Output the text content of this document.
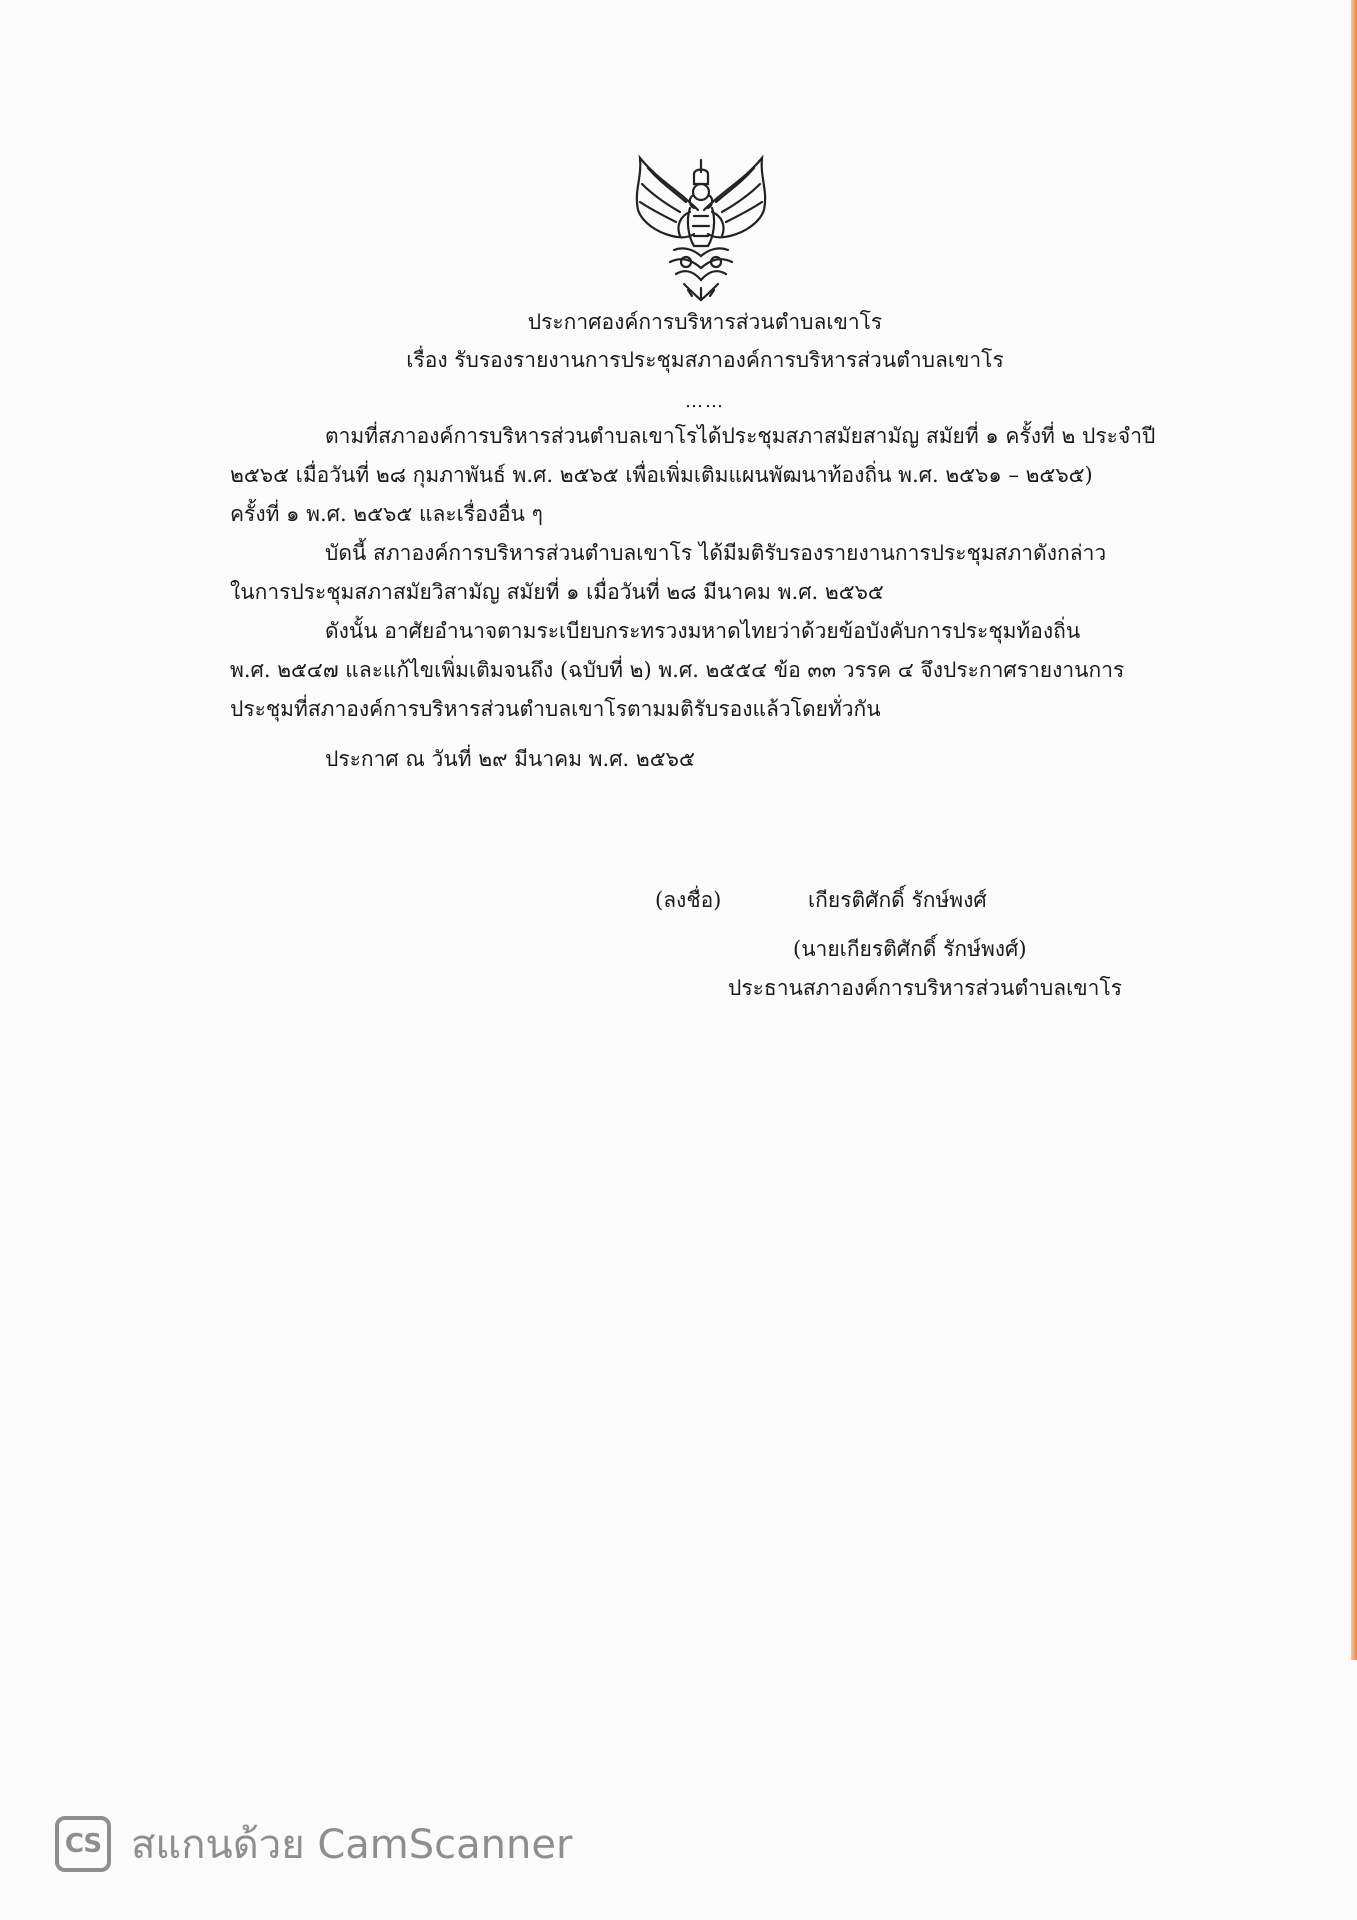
ประกาศองค์การบริหารส่วนตำบลเขาโร
เรื่อง รับรองรายงานการประชุมสภาองค์การบริหารส่วนตำบลเขาโร
……
ตามที่สภาองค์การบริหารส่วนตำบลเขาโรได้ประชุมสภาสมัยสามัญ สมัยที่ ๑ ครั้งที่ ๒ ประจำปี
๒๕๖๕ เมื่อวันที่ ๒๘ กุมภาพันธ์ พ.ศ. ๒๕๖๕ เพื่อเพิ่มเติมแผนพัฒนาท้องถิ่น พ.ศ. ๒๕๖๑ – ๒๕๖๕)
ครั้งที่ ๑ พ.ศ. ๒๕๖๕ และเรื่องอื่น ๆ
บัดนี้ สภาองค์การบริหารส่วนตำบลเขาโร ได้มีมติรับรองรายงานการประชุมสภาดังกล่าว
ในการประชุมสภาสมัยวิสามัญ สมัยที่ ๑ เมื่อวันที่ ๒๘ มีนาคม พ.ศ. ๒๕๖๕
ดังนั้น อาศัยอำนาจตามระเบียบกระทรวงมหาดไทยว่าด้วยข้อบังคับการประชุมท้องถิ่น
พ.ศ. ๒๕๔๗ และแก้ไขเพิ่มเติมจนถึง (ฉบับที่ ๒) พ.ศ. ๒๕๕๔ ข้อ ๓๓ วรรค ๔ จึงประกาศรายงานการ
ประชุมที่สภาองค์การบริหารส่วนตำบลเขาโรตามมติรับรองแล้วโดยทั่วกัน
ประกาศ ณ วันที่ ๒๙ มีนาคม พ.ศ. ๒๕๖๕
(ลงชื่อ)	เกียรติศักดิ์ รักษ์พงศ์
(นายเกียรติศักดิ์ รักษ์พงศ์)
ประธานสภาองค์การบริหารส่วนตำบลเขาโร
CS สแกนด้วย CamScanner
